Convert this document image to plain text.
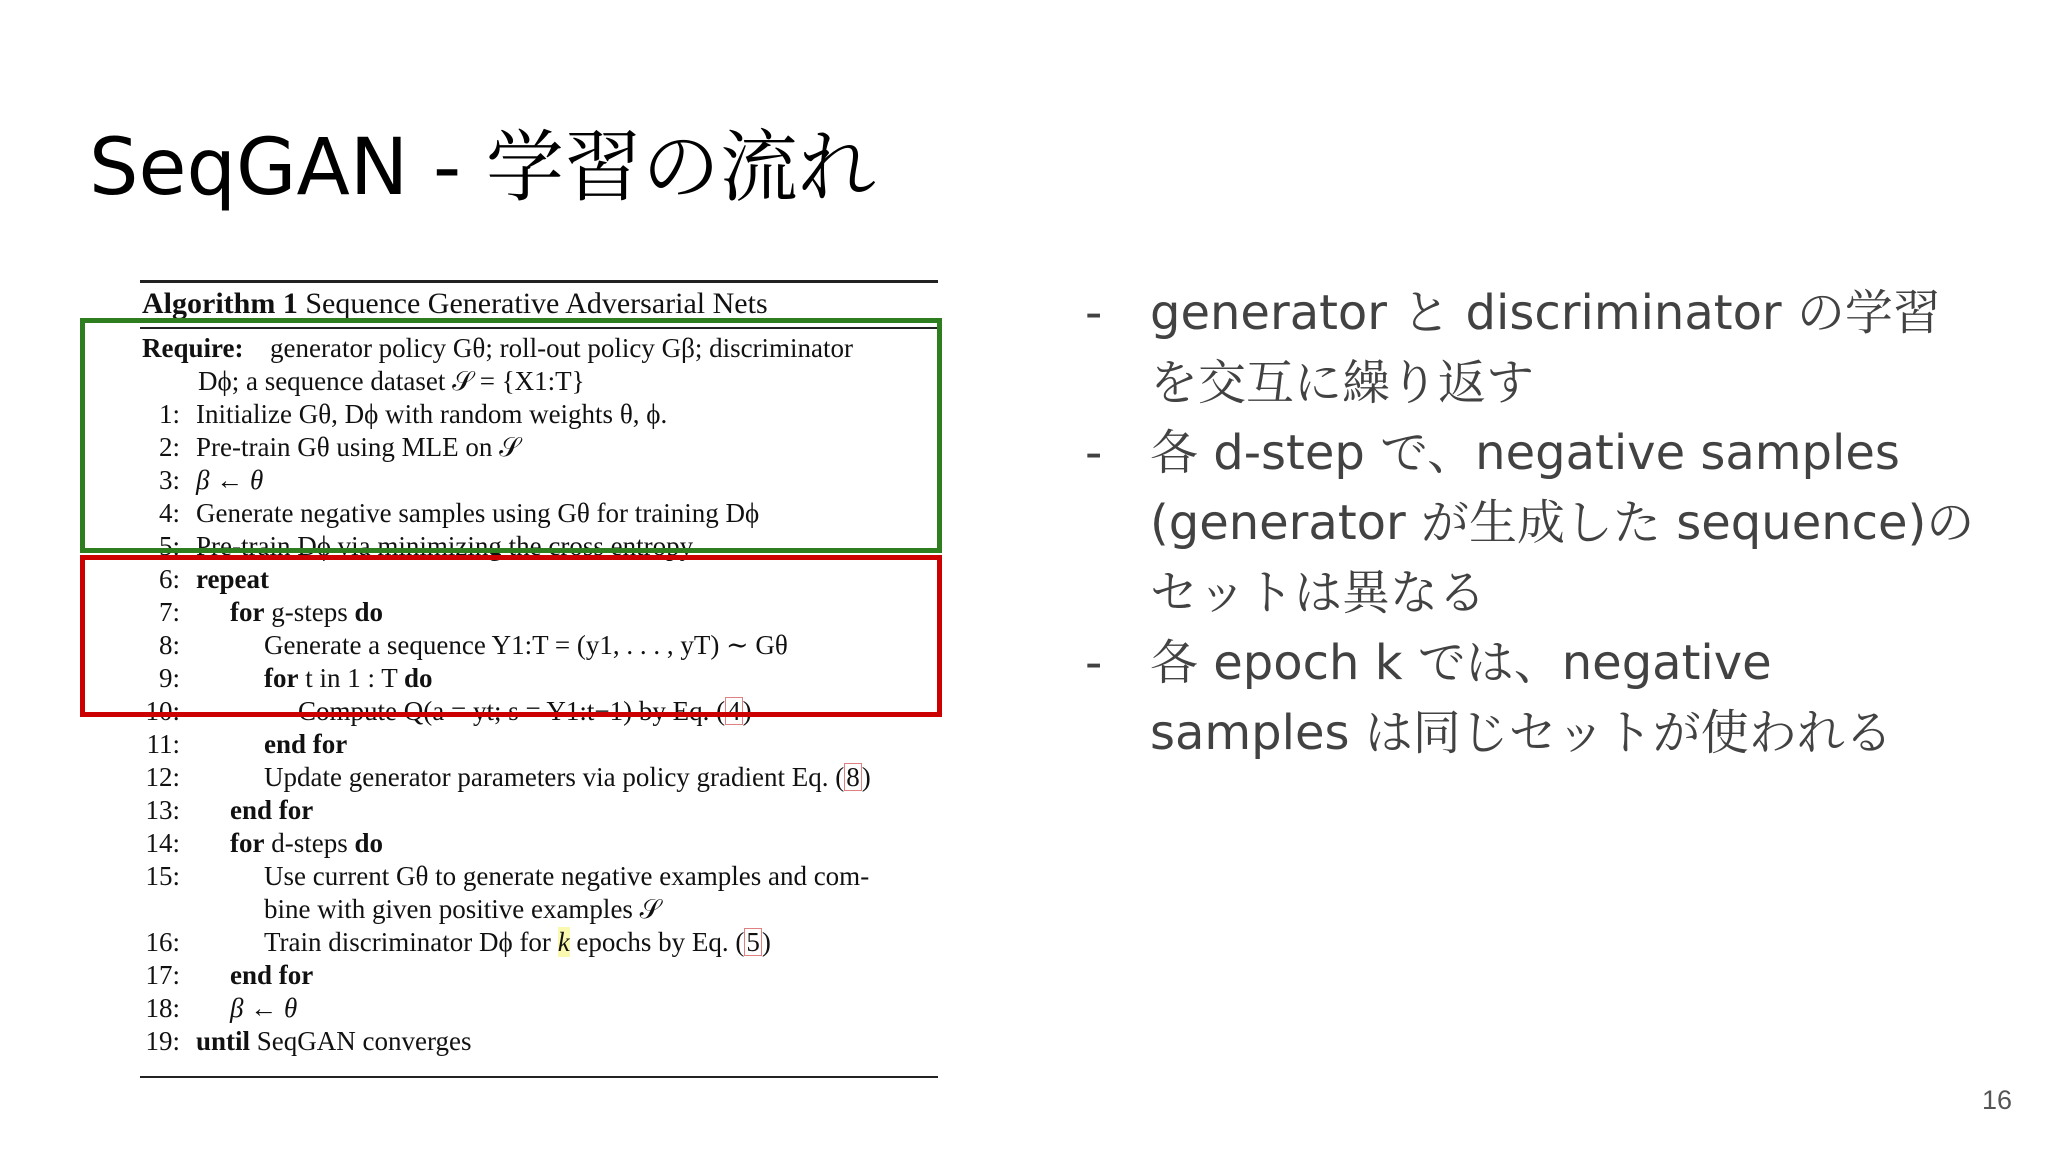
SeqGAN - 学習の流れ
Algorithm 1 Sequence Generative Adversarial Nets
Require: generator policy Gθ; roll-out policy Gβ; discriminator
Dϕ; a sequence dataset 𝒮 = {X1:T}
1: Initialize Gθ, Dϕ with random weights θ, ϕ.
2: Pre-train Gθ using MLE on 𝒮
3: β ← θ
4: Generate negative samples using Gθ for training Dϕ
5: Pre-train Dϕ via minimizing the cross entropy
6: repeat
7: for g-steps do
8:	Generate a sequence Y1:T = (y1, . . . , yT) ∼ Gθ
9:	for t in 1 : T do
10:	Compute Q(a = yt; s = Y1:t−1) by Eq. (4)
11:	end for
12:	Update generator parameters via policy gradient Eq. (8)
13: end for
14: for d-steps do
15:	Use current Gθ to generate negative examples and com-
bine with given positive examples 𝒮
16:	Train discriminator Dϕ for k epochs by Eq. (5)
17: end for
18: β ← θ
19: until SeqGAN converges
- generator と discriminator の学習を交互に繰り返す
- 各 d-step で、negative samples (generator が生成した sequence)のセットは異なる
- 各 epoch k では、negative samples は同じセットが使われる
16
